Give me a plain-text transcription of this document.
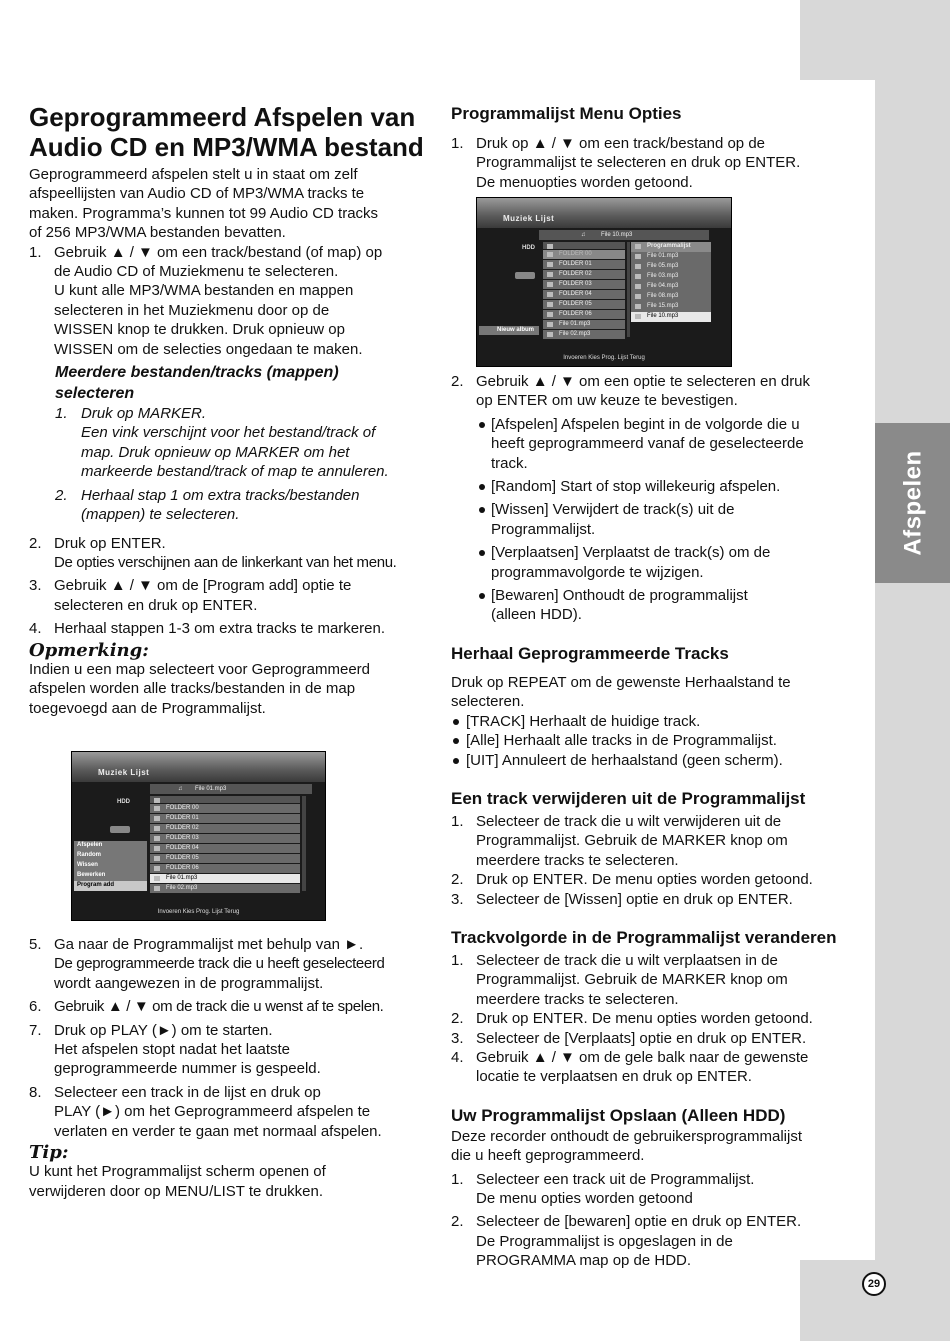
Afspelen
Geprogrammeerd Afspelen van
Audio CD en MP3/WMA bestand

Geprogrammeerd afspelen stelt u in staat om zelf

afspeellijsten van Audio CD of MP3/WMA tracks te

maken. Programma’s kunnen tot 99 Audio CD tracks

of 256 MP3/WMA bestanden bevatten.

1. Gebruik ▲ / ▼ om een track/bestand (of map) op

de Audio CD of Muziekmenu te selecteren.

U kunt alle MP3/WMA bestanden en mappen

selecteren in het Muziekmenu door op de

WISSEN knop te drukken. Druk opnieuw op

WISSEN om de selecties ongedaan te maken.

Meerdere bestanden/tracks (mappen)

selecteren

1. Druk op MARKER.

Een vink verschijnt voor het bestand/track of

map. Druk opnieuw op MARKER om het

markeerde bestand/track of map te annuleren.

2. Herhaal stap 1 om extra tracks/bestanden

(mappen) te selecteren.

2. Druk op ENTER.

De opties verschijnen aan de linkerkant van het menu.

3. Gebruik ▲ / ▼ om de [Program add] optie te

selecteren en druk op ENTER.

4. Herhaal stappen 1-3 om extra tracks te markeren.

Opmerking:

Indien u een map selecteert voor Geprogrammeerd

afspelen worden alle tracks/bestanden in de map

toegevoegd aan de Programmalijst.

Muziek Lijst
♫ File 01.mp3
HDD
Afspelen
Random
Wissen
Bewerken
Program add
FOLDER 00
FOLDER 01
FOLDER 02
FOLDER 03
FOLDER 04
FOLDER 05
FOLDER 06
File 01.mp3
File 02.mp3
Invoeren Kies Prog. Lijst Terug
5. Ga naar de Programmalijst met behulp van ►.

De geprogrammeerde track die u heeft geselecteerd

wordt aangewezen in de programmalijst.

6. Gebruik ▲ / ▼ om de track die u wenst af te spelen.

7. Druk op PLAY (►) om te starten.

Het afspelen stopt nadat het laatste

geprogrammeerde nummer is gespeeld.

8. Selecteer een track in de lijst en druk op

PLAY (►) om het Geprogrammeerd afspelen te

verlaten en verder te gaan met normaal afspelen.

Tip:

U kunt het Programmalijst scherm openen of

verwijderen door op MENU/LIST te drukken.

Programmalijst Menu Opties
1. Druk op ▲ / ▼ om een track/bestand op de

Programmalijst te selecteren en druk op ENTER.

De menuopties worden getoond.

Muziek Lijst
♫	File 10.mp3
HDD
Nieuw album
FOLDER 00
FOLDER 01
FOLDER 02
FOLDER 03
FOLDER 04
FOLDER 05
FOLDER 06
File 01.mp3
File 02.mp3
Programmalijst
File 01.mp3
File 05.mp3
File 03.mp3
File 04.mp3
File 08.mp3
File 15.mp3
File 10.mp3
Invoeren Kies Prog. Lijst Terug
2. Gebruik ▲ / ▼ om een optie te selecteren en druk

op ENTER om uw keuze te bevestigen.

[Afspelen] Afspelen begint in de volgorde die u

heeft geprogrammeerd vanaf de geselecteerde

track.

[Random] Start of stop willekeurig afspelen.

[Wissen] Verwijdert de track(s) uit de

Programmalijst.

[Verplaatsen] Verplaatst de track(s) om de

programmavolgorde te wijzigen.

[Bewaren] Onthoudt de programmalijst

(alleen HDD).

Herhaal Geprogrammeerde Tracks

Druk op REPEAT om de gewenste Herhaalstand te

selecteren.

[TRACK] Herhaalt de huidige track.

[Alle] Herhaalt alle tracks in de Programmalijst.

[UIT] Annuleert de herhaalstand (geen scherm).

Een track verwijderen uit de Programmalijst
1. Selecteer de track die u wilt verwijderen uit de

Programmalijst. Gebruik de MARKER knop om

meerdere tracks te selecteren.

2. Druk op ENTER. De menu opties worden getoond.

3. Selecteer de [Wissen] optie en druk op ENTER.

Trackvolgorde in de Programmalijst veranderen
1. Selecteer de track die u wilt verplaatsen in de

Programmalijst. Gebruik de MARKER knop om

meerdere tracks te selecteren.

2. Druk op ENTER. De menu opties worden getoond.

3. Selecteer de [Verplaats] optie en druk op ENTER.

4. Gebruik ▲ / ▼ om de gele balk naar de gewenste

locatie te verplaatsen en druk op ENTER.

Uw Programmalijst Opslaan (Alleen HDD)

Deze recorder onthoudt de gebruikersprogrammalijst

die u heeft geprogrammeerd.

1. Selecteer een track uit de Programmalijst.

De menu opties worden getoond

2. Selecteer de [bewaren] optie en druk op ENTER.

De Programmalijst is opgeslagen in de

PROGRAMMA map op de HDD.

29
